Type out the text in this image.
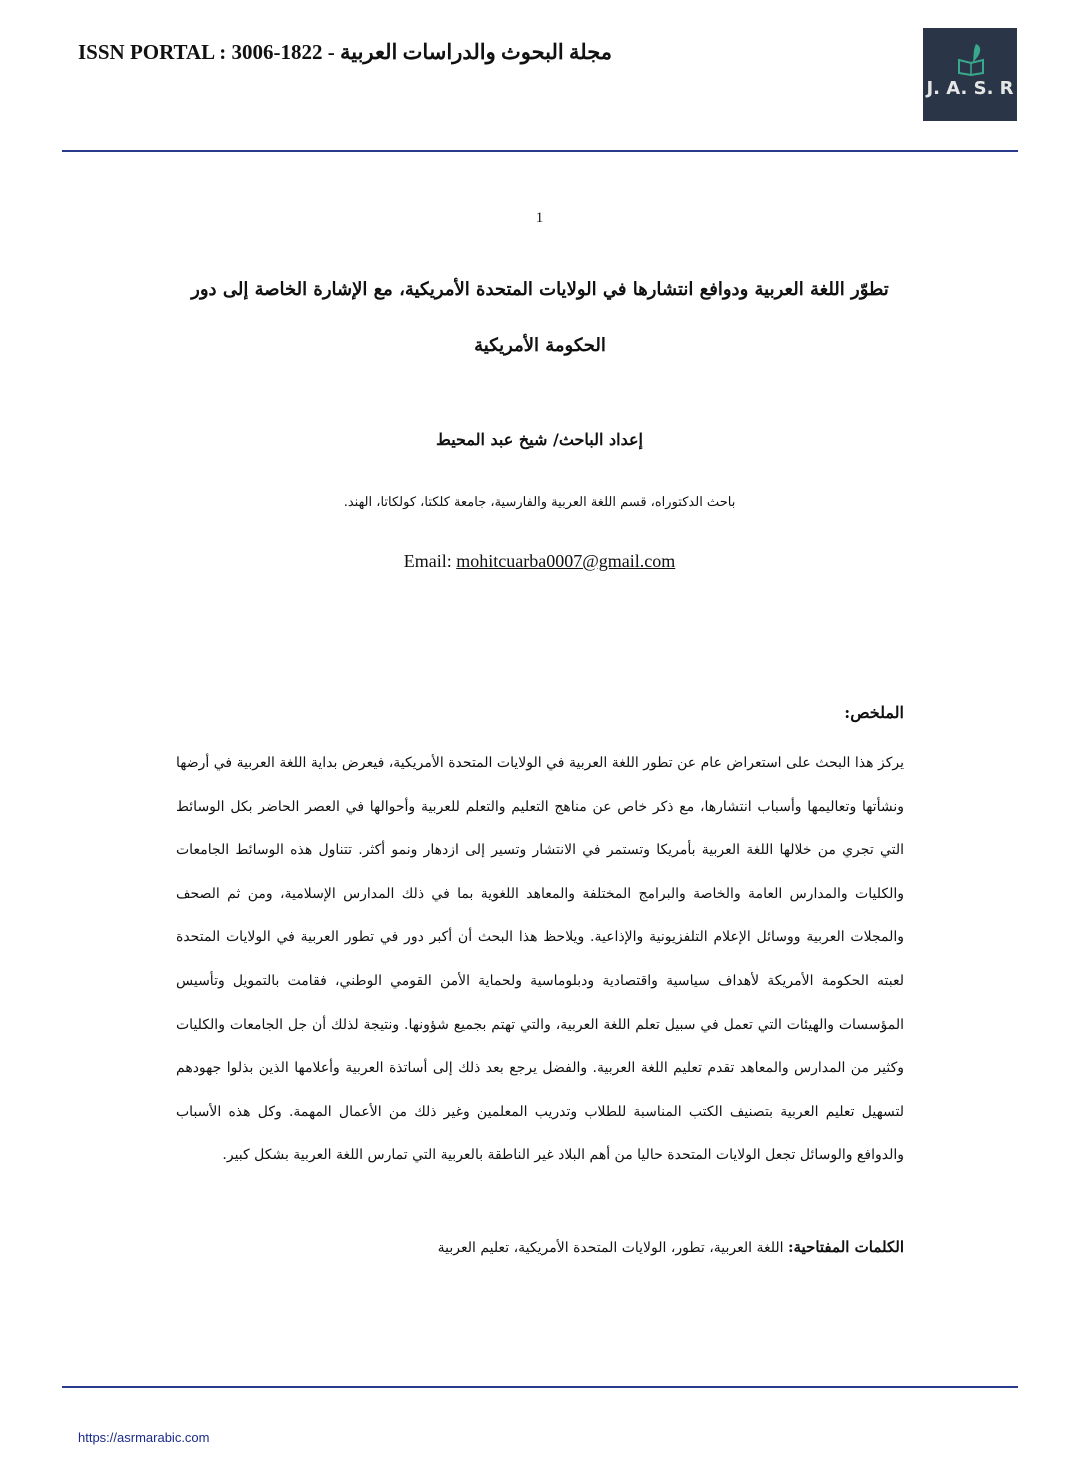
ISSN PORTAL : 3006-1822 - مجلة البحوث والدراسات العربية
J. A. S. R
1
تطوّر اللغة العربية ودوافع انتشارها في الولايات المتحدة الأمريكية، مع الإشارة الخاصة إلى دور الحكومة الأمريكية
إعداد الباحث/ شيخ عبد المحيط
باحث الدكتوراه، قسم اللغة العربية والفارسية، جامعة كلكتا، كولكاتا، الهند.
Email: mohitcuarba0007@gmail.com
الملخص:
يركز هذا البحث على استعراض عام عن تطور اللغة العربية في الولايات المتحدة الأمريكية، فيعرض بداية اللغة العربية في أرضها ونشأتها وتعاليمها وأسباب انتشارها، مع ذكر خاص عن مناهج التعليم والتعلم للعربية وأحوالها في العصر الحاضر بكل الوسائط التي تجري من خلالها اللغة العربية بأمريكا وتستمر في الانتشار وتسير إلى ازدهار ونمو أكثر. تتناول هذه الوسائط الجامعات والكليات والمدارس العامة والخاصة والبرامج المختلفة والمعاهد اللغوية بما في ذلك المدارس الإسلامية، ومن ثم الصحف والمجلات العربية ووسائل الإعلام التلفزيونية والإذاعية. ويلاحظ هذا البحث أن أكبر دور في تطور العربية في الولايات المتحدة لعبته الحكومة الأمريكة لأهداف سياسية واقتصادية ودبلوماسية ولحماية الأمن القومي الوطني، فقامت بالتمويل وتأسيس المؤسسات والهيئات التي تعمل في سبيل تعلم اللغة العربية، والتي تهتم بجميع شؤونها. ونتيجة لذلك أن جل الجامعات والكليات وكثير من المدارس والمعاهد تقدم تعليم اللغة العربية. والفضل يرجع بعد ذلك إلى أساتذة العربية وأعلامها الذين بذلوا جهودهم لتسهيل تعليم العربية بتصنيف الكتب المناسبة للطلاب وتدريب المعلمين وغير ذلك من الأعمال المهمة. وكل هذه الأسباب والدوافع والوسائل تجعل الولايات المتحدة حاليا من أهم البلاد غير الناطقة بالعربية التي تمارس اللغة العربية بشكل كبير.
الكلمات المفتاحية: اللغة العربية، تطور، الولايات المتحدة الأمريكية، تعليم العربية
https://asrmarabic.com
